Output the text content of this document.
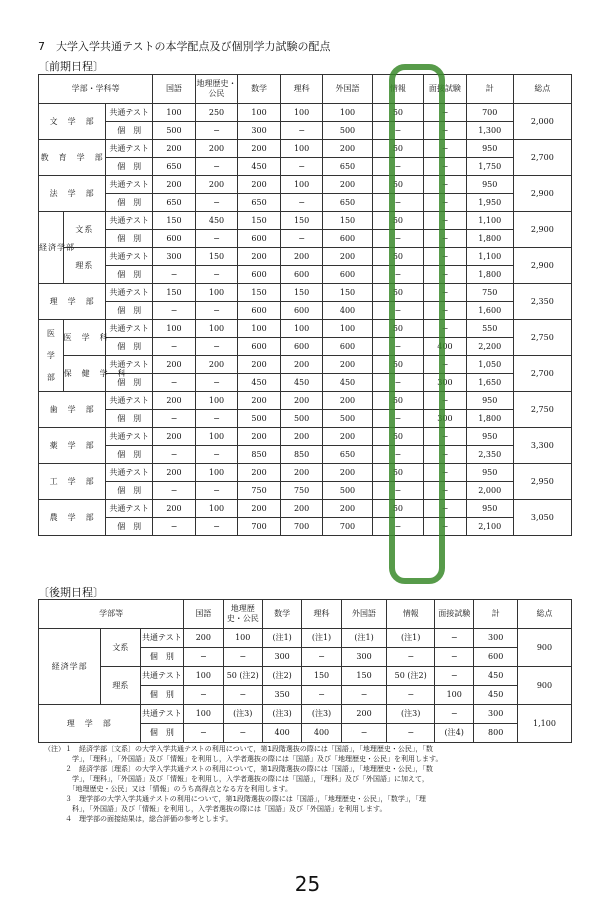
7　大学入学共通テストの本学配点及び個別学力試験の配点
〔前期日程〕
学部・学科等			国語	地理歴史・公民	数学	理科	外国語	情報	面接試験	計	総点
文　学　部		共通テスト	100	250	100	100	100	50	−	700	2,000
		個　別	500	−	300	−	500	−	−	1,300	
教　育　学　部		共通テスト	200	200	200	100	200	50	−	950	2,700
		個　別	650	−	450	−	650	−	−	1,750	
法　学　部		共通テスト	200	200	200	100	200	50	−	950	2,900
		個　別	650	−	650	−	650	−	−	1,950	
経済学部	文系	共通テスト	150	450	150	150	150	50	−	1,100	2,900
		個　別	600	−	600	−	600	−	−	1,800	
	理系	共通テスト	300	150	200	200	200	50	−	1,100	2,900
		個　別	−	−	600	600	600	−	−	1,800	
理　学　部		共通テスト	150	100	150	150	150	50	−	750	2,350
		個　別	−	−	600	600	400	−	−	1,600	

医
学
部	医　学　科	共通テスト	100	100	100	100	100	50	−	550	2,750
		個　別	−	−	600	600	600	−	400	2,200	
	保　健　学　科	共通テスト	200	200	200	200	200	50	−	1,050	2,700
		個　別	−	−	450	450	450	−	300	1,650	
歯　学　部		共通テスト	200	100	200	200	200	50	−	950	2,750
		個　別	−	−	500	500	500	−	300	1,800	
薬　学　部		共通テスト	200	100	200	200	200	50	−	950	3,300
		個　別	−	−	850	850	650	−	−	2,350	
工　学　部		共通テスト	200	100	200	200	200	50	−	950	2,950
		個　別	−	−	750	750	500	−	−	2,000	
農　学　部		共通テスト	200	100	200	200	200	50	−	950	3,050
		個　別	−	−	700	700	700	−	−	2,100	
〔後期日程〕
学部等			国語	地理歴史・公民	数学	理科	外国語	情報	面接試験	計	総点
経済学部	文系	共通テスト	200	100	(注1)	(注1)	(注1)	(注1)	−	300	900
		個　別	−	−	300	−	300	−	−	600	
	理系	共通テスト	100	50 (注2)	(注2)	150	150	50 (注2)	−	450	900
		個　別	−	−	350	−	−	−	100	450	
理　学　部		共通テスト	100	(注3)	(注3)	(注3)	200	(注3)	−	300	1,100
		個　別	−	−	400	400	−	−	(注4)	800	
（注）１　経済学部〔文系〕の大学入学共通テストの利用について，第1段階選抜の際には「国語」，「地理歴史・公民」，「数
　　　　学」，「理科」，「外国語」及び「情報」を利用し，入学者選抜の際には「国語」及び「地理歴史・公民」を利用します。
　　　２　経済学部〔理系〕の大学入学共通テストの利用について，第1段階選抜の際には「国語」，「地理歴史・公民」，「数
　　　　学」，「理科」，「外国語」及び「情報」を利用し，入学者選抜の際には「国語」，「理科」及び「外国語」に加えて，
　　　　「地理歴史・公民」又は「情報」のうち高得点となる方を利用します。
　　　３　理学部の大学入学共通テストの利用について，第1段階選抜の際には「国語」，「地理歴史・公民」，「数学」，「理
　　　　科」，「外国語」及び「情報」を利用し，入学者選抜の際には「国語」及び「外国語」を利用します。
　　　４　理学部の面接結果は，総合評価の参考とします。
25
